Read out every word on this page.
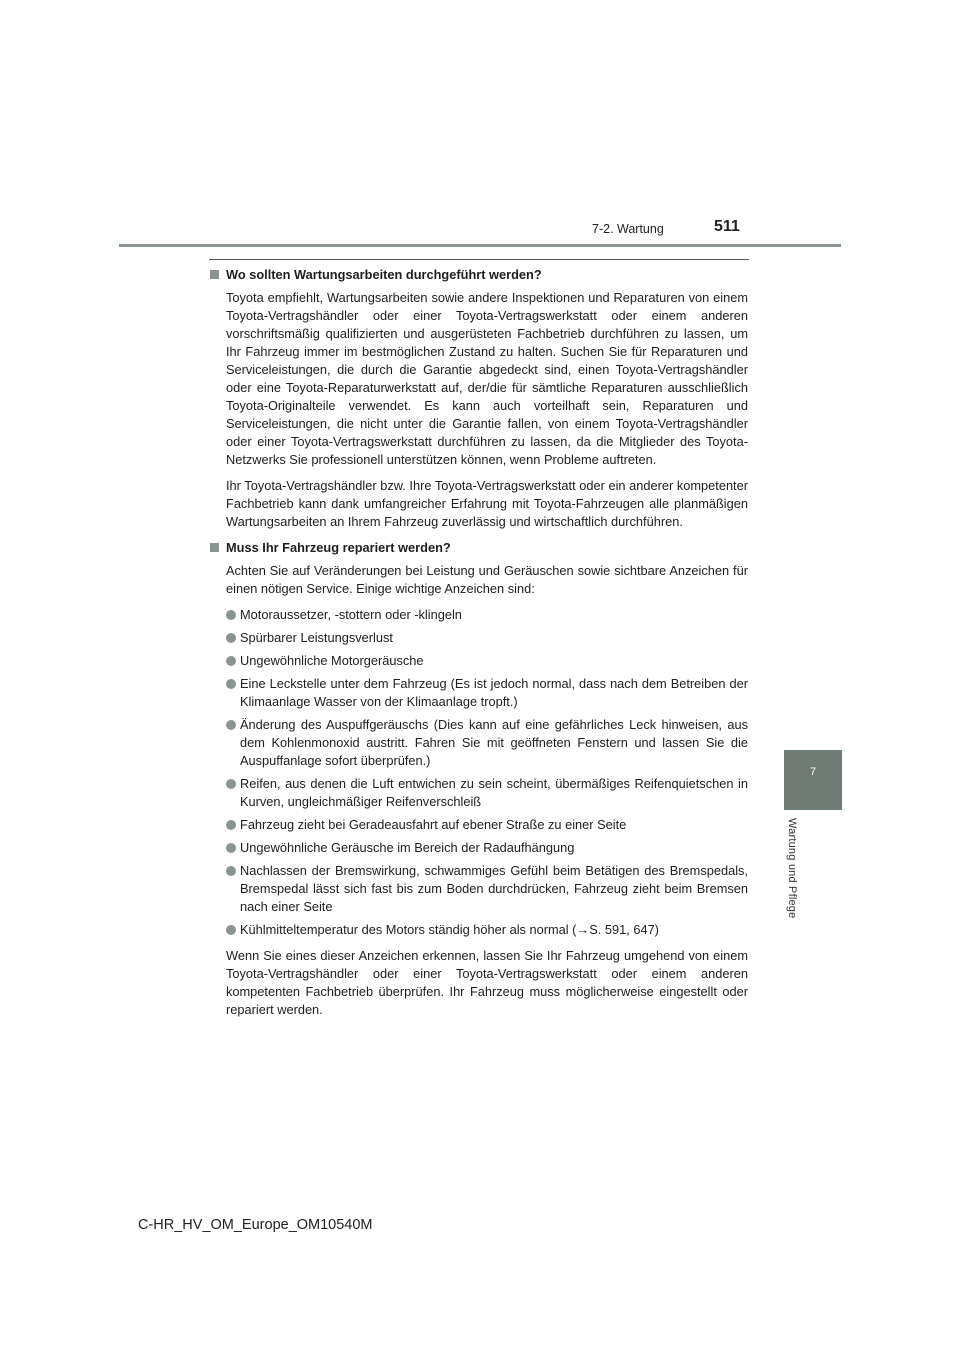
7-2. Wartung	511
7
Wartung und Pflege
Wo sollten Wartungsarbeiten durchgeführt werden?

Toyota empfiehlt, Wartungsarbeiten sowie andere Inspektionen und Reparaturen von einem Toyota-Vertragshändler oder einer Toyota-Vertragswerkstatt oder einem anderen vorschriftsmäßig qualifizierten und ausgerüsteten Fachbetrieb durchführen zu lassen, um Ihr Fahrzeug immer im bestmöglichen Zustand zu halten. Suchen Sie für Reparaturen und Serviceleistungen, die durch die Garantie abgedeckt sind, einen Toyota-Vertragshändler oder eine Toyota-Reparaturwerkstatt auf, der/die für sämtliche Reparaturen ausschließlich Toyota-Originalteile verwendet. Es kann auch vorteilhaft sein, Reparaturen und Serviceleistungen, die nicht unter die Garantie fallen, von einem Toyota-Vertragshändler oder einer Toyota-Vertragswerkstatt durchführen zu lassen, da die Mitglieder des Toyota-Netzwerks Sie professionell unterstützen können, wenn Probleme auftreten.

Ihr Toyota-Vertragshändler bzw. Ihre Toyota-Vertragswerkstatt oder ein anderer kompetenter Fachbetrieb kann dank umfangreicher Erfahrung mit Toyota-Fahrzeugen alle planmäßigen Wartungsarbeiten an Ihrem Fahrzeug zuverlässig und wirtschaftlich durchführen.

Muss Ihr Fahrzeug repariert werden?

Achten Sie auf Veränderungen bei Leistung und Geräuschen sowie sichtbare Anzeichen für einen nötigen Service. Einige wichtige Anzeichen sind:

Motoraussetzer, -stottern oder -klingeln
Spürbarer Leistungsverlust
Ungewöhnliche Motorgeräusche
Eine Leckstelle unter dem Fahrzeug (Es ist jedoch normal, dass nach dem Betreiben der Klimaanlage Wasser von der Klimaanlage tropft.)
Änderung des Auspuffgeräuschs (Dies kann auf eine gefährliches Leck hinweisen, aus dem Kohlenmonoxid austritt. Fahren Sie mit geöffneten Fenstern und lassen Sie die Auspuffanlage sofort überprüfen.)
Reifen, aus denen die Luft entwichen zu sein scheint, übermäßiges Reifenquietschen in Kurven, ungleichmäßiger Reifenverschleiß
Fahrzeug zieht bei Geradeausfahrt auf ebener Straße zu einer Seite
Ungewöhnliche Geräusche im Bereich der Radaufhängung
Nachlassen der Bremswirkung, schwammiges Gefühl beim Betätigen des Bremspedals, Bremspedal lässt sich fast bis zum Boden durchdrücken, Fahrzeug zieht beim Bremsen nach einer Seite
Kühlmitteltemperatur des Motors ständig höher als normal (→S. 591, 647)

Wenn Sie eines dieser Anzeichen erkennen, lassen Sie Ihr Fahrzeug umgehend von einem Toyota-Vertragshändler oder einer Toyota-Vertragswerkstatt oder einem anderen kompetenten Fachbetrieb überprüfen. Ihr Fahrzeug muss möglicherweise eingestellt oder repariert werden.

C-HR_HV_OM_Europe_OM10540M
